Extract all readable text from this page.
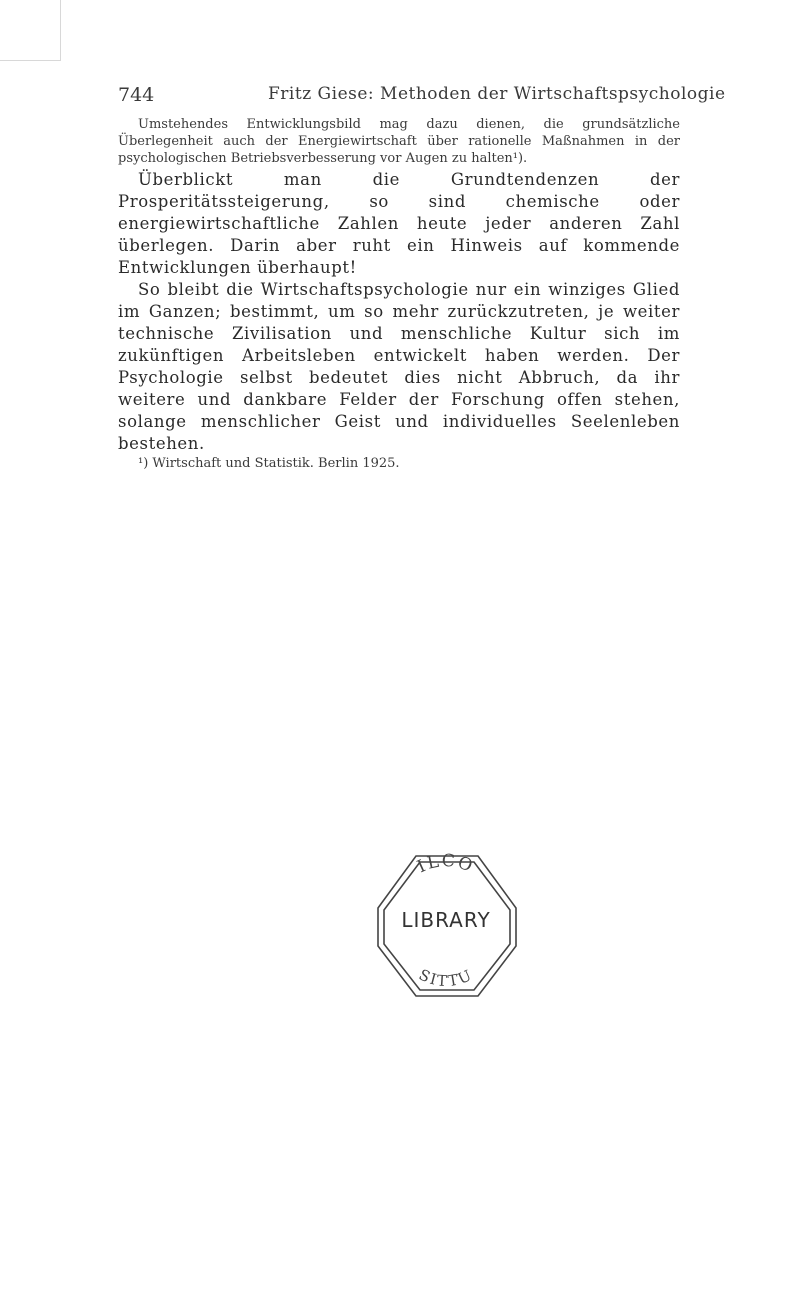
744	Fritz Giese: Methoden der Wirtschaftspsychologie

Umstehendes Entwicklungsbild mag dazu dienen, die grundsätzliche Überlegenheit auch der Energiewirtschaft über rationelle Maßnahmen in der psychologischen Betriebsverbesserung vor Augen zu halten¹).

Überblickt man die Grundtendenzen der Prosperitätssteigerung, so sind chemische oder energiewirtschaftliche Zahlen heute jeder anderen Zahl überlegen. Darin aber ruht ein Hinweis auf kommende Entwicklungen überhaupt!

So bleibt die Wirtschaftspsychologie nur ein winziges Glied im Ganzen; bestimmt, um so mehr zurückzutreten, je weiter technische Zivilisation und menschliche Kultur sich im zukünftigen Arbeitsleben entwickelt haben werden. Der Psychologie selbst bedeutet dies nicht Abbruch, da ihr weitere und dankbare Felder der Forschung offen stehen, solange menschlicher Geist und individuelles Seelenleben bestehen.

¹) Wirtschaft und Statistik. Berlin 1925.

ILCO
SITTU
LIBRARY
